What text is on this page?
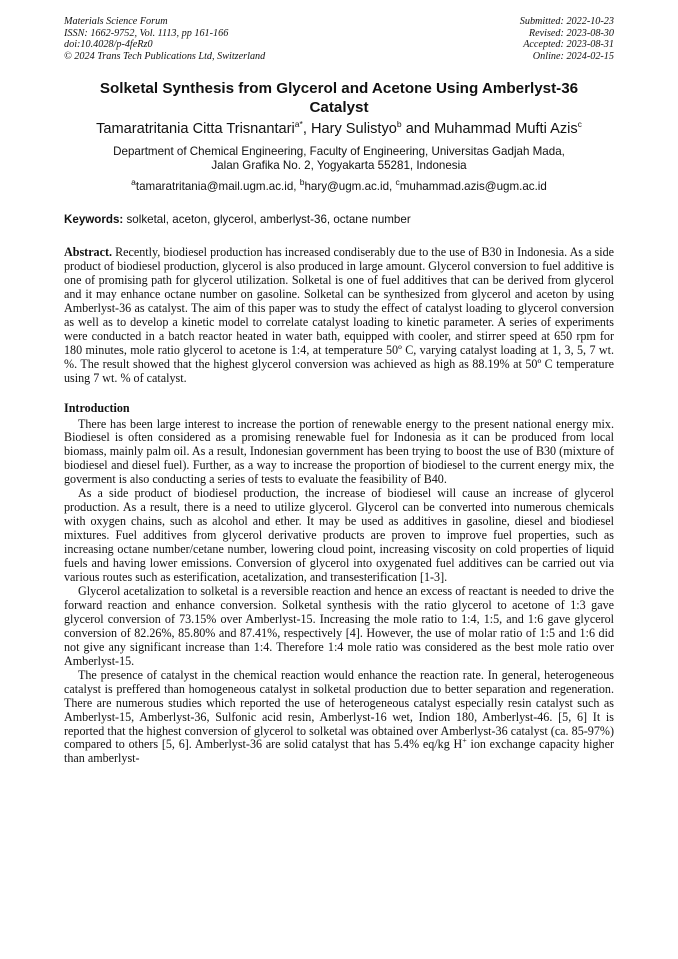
Materials Science Forum
ISSN: 1662-9752, Vol. 1113, pp 161-166
doi:10.4028/p-4feRz0
© 2024 Trans Tech Publications Ltd, Switzerland
Submitted: 2022-10-23
Revised: 2023-08-30
Accepted: 2023-08-31
Online: 2024-02-15
Solketal Synthesis from Glycerol and Acetone Using Amberlyst-36 Catalyst
Tamaratritania Citta Trisnantari$^{a*}$, Hary Sulistyo$^b$ and Muhammad Mufti Azis$^c$
Department of Chemical Engineering, Faculty of Engineering, Universitas Gadjah Mada,
Jalan Grafika No. 2, Yogyakarta 55281, Indonesia
$^a$tamaratritania@mail.ugm.ac.id, $^b$hary@ugm.ac.id, $^c$muhammad.azis@ugm.ac.id
Keywords: solketal, aceton, glycerol, amberlyst-36, octane number
Abstract. Recently, biodiesel production has increased condiserably due to the use of B30 in Indonesia. As a side product of biodiesel production, glycerol is also produced in large amount. Glycerol conversion to fuel additive is one of promising path for glycerol utilization. Solketal is one of fuel additives that can be derived from glycerol and it may enhance octane number on gasoline. Solketal can be synthesized from glycerol and aceton by using Amberlyst-36 as catalyst. The aim of this paper was to study the effect of catalyst loading to glycerol conversion as well as to develop a kinetic model to correlate catalyst loading to kinetic parameter. A series of experiments were conducted in a batch reactor heated in water bath, equipped with cooler, and stirrer speed at 650 rpm for 180 minutes, mole ratio glycerol to acetone is 1:4, at temperature 50º C, varying catalyst loading at 1, 3, 5, 7 wt. %. The result showed that the highest glycerol conversion was achieved as high as 88.19% at 50º C temperature using 7 wt. % of catalyst.
Introduction

There has been large interest to increase the portion of renewable energy to the present national energy mix. Biodiesel is often considered as a promising renewable fuel for Indonesia as it can be produced from local biomass, mainly palm oil. As a result, Indonesian government has been trying to boost the use of B30 (mixture of biodiesel and diesel fuel). Further, as a way to increase the proportion of biodiesel to the current energy mix, the goverment is also conducting a series of tests to evaluate the feasibility of B40.

As a side product of biodiesel production, the increase of biodiesel will cause an increase of glycerol production. As a result, there is a need to utilize glycerol. Glycerol can be converted into numerous chemicals with oxygen chains, such as alcohol and ether. It may be used as additives in gasoline, diesel and biodiesel mixtures. Fuel additives from glycerol derivative products are proven to improve fuel properties, such as increasing octane number/cetane number, lowering cloud point, increasing viscosity on cold properties of liquid fuels and having lower emissions. Conversion of glycerol into oxygenated fuel additives can be carried out via various routes such as esterification, acetalization, and transesterification [1-3].

Glycerol acetalization to solketal is a reversible reaction and hence an excess of reactant is needed to drive the forward reaction and enhance conversion. Solketal synthesis with the ratio glycerol to acetone of 1:3 gave glycerol conversion of 73.15% over Amberlyst-15. Increasing the mole ratio to 1:4, 1:5, and 1:6 gave glycerol conversion of 82.26%, 85.80% and 87.41%, respectively [4]. However, the use of molar ratio of 1:5 and 1:6 did not give any significant increase than 1:4. Therefore 1:4 mole ratio was considered as the best mole ratio over Amberlyst-15.

The presence of catalyst in the chemical reaction would enhance the reaction rate. In general, heterogeneous catalyst is preffered than homogeneous catalyst in solketal production due to better separation and regeneration. There are numerous studies which reported the use of heterogeneous catalyst especially resin catalyst such as Amberlyst-15, Amberlyst-36, Sulfonic acid resin, Amberlyst-16 wet, Indion 180, Amberlyst-46. [5, 6] It is reported that the highest conversion of glycerol to solketal was obtained over Amberlyst-36 catalyst (ca. 85-97%) compared to others [5, 6]. Amberlyst-36 are solid catalyst that has 5.4% eq/kg H+ ion exchange capacity higher than amberlyst-
